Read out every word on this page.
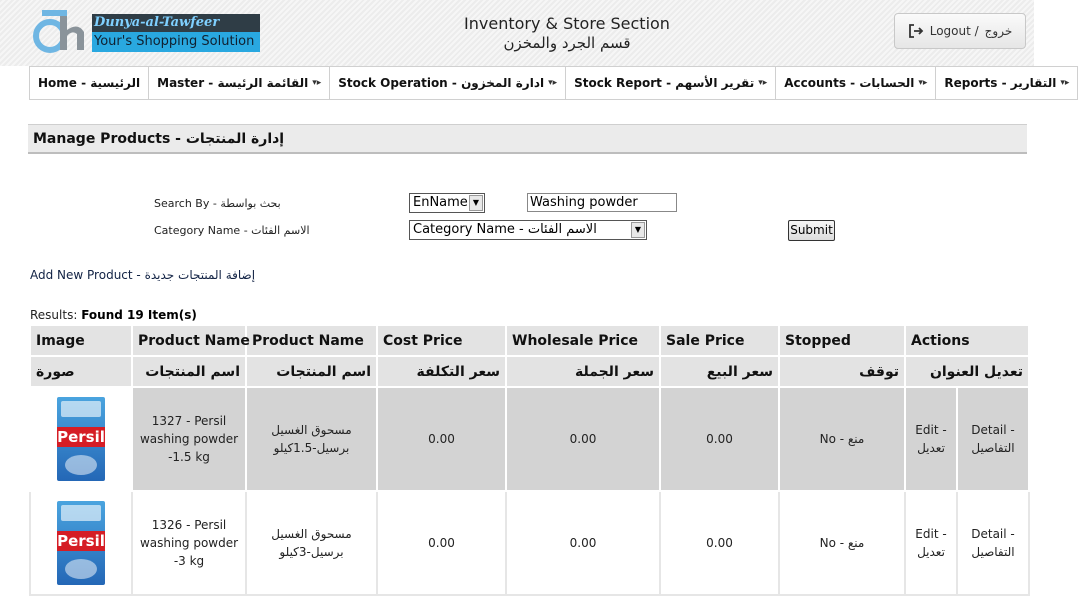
Dunya-al-Tawfeer
Your's Shopping Solution
Inventory & Store Section
قسم الجرد والمخزن
Logout / خروج
Home - الرئيسية Master - القائمة الرئيسة ▾▸ Stock Operation - ادارة المخزون ▾▸ Stock Report - تقرير الأسهم ▾▸ Accounts - الحسابات ▾▸ Reports - التقارير ▾▸
Manage Products - إدارة المنتجات
Search By - بحث بواسطة	EnName ▼	Washing powder
Category Name - الاسم الفئات	Category Name - الاسم الفئات	▼	Submit
Add New Product - إضافة المنتجات جديدة
Results: Found 19 Item(s)
Image	Product Name	Product Name	Cost Price	Wholesale Price	Sale Price	Stopped	Actions	
صورة	اسم المنتجات	اسم المنتجات	سعر التكلفة	سعر الجملة	سعر البيع	توقف	تعديل العنوان	

Persil	1327 - Persil washing powder -1.5 kg	مسحوق الغسيل برسيل-1.5كيلو	0.00	0.00	0.00	No - منع	Edit - تعديل	Detail - التفاصيل

Persil	1326 - Persil washing powder -3 kg	مسحوق الغسيل برسيل-3كيلو	0.00	0.00	0.00	No - منع	Edit - تعديل	Detail - التفاصيل
